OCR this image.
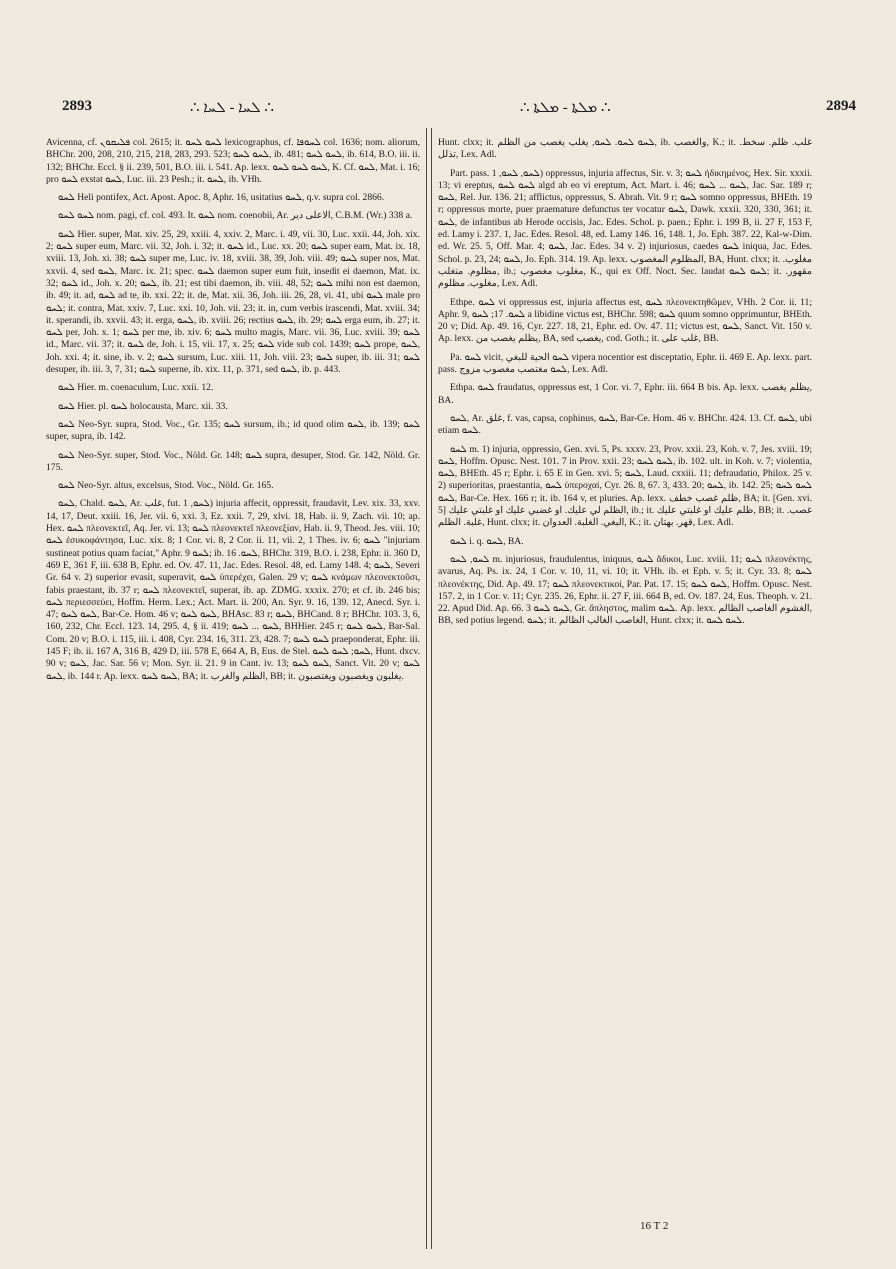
2893	∴ ܠܚܐ - ܠܚܐ ∴	∴ ܡܠܬܐ - ܡܠܬܐ ∴	2894

Avicenna, cf. ܦܠܝܩܘܢ col. 2615; it. ܠܚܘ ܠܚܘ lexicographus, cf. ܠܚܘܦܐ col. 1636; nom. aliorum, BHChr. 200, 208, 210, 215, 218, 283, 293. 523; ܠܚܘ ܠܚܘ, ib. 481; ܠܚܘ ܠܚܘ, ib. 614, B.O. iii. ii. 132; BHChr. Eccl. § ii. 239, 501, B.O. iii. i. 541. Ap. lexx. ܠܚܘ ܠܚܘ ܠܚܘ, K. Cf. ܠܚܘ, Mat. i. 16; pro ܠܚܘ exstat ܠܚܘ, Luc. iii. 23 Pesh.; it. ܠܚܘ, ib. VHh.

ܠܚܘ Heli pontifex, Act. Apost. Apoc. 8, Aphr. 16, usitatius ܠܚܘ, q.v. supra col. 2866.

ܠܚܘ ܠܚܘ nom. pagi, cf. col. 493. It. ܠܚܘ nom. coenobii, Ar. ﺍﻻﻋﻠﻰ ﺩﻳﺮ, C.B.M. (Wr.) 338 a.

ܠܚܘ Hier. super, Mat. xiv. 25, 29, xxiii. 4, xxiv. 2, Marc. i. 49, vii. 30, Luc. xxii. 44, Joh. xix. 2; ܠܚܘ super eum, Marc. vii. 32, Joh. i. 32; it. ܠܚܘ id., Luc. xx. 20; ܠܚܘ super eam, Mat. ix. 18, xviii. 13, Joh. xi. 38; ܠܚܘ super me, Luc. iv. 18, xviii. 38, 39, Joh. viii. 49; ܠܚܘ super nos, Mat. xxvii. 4, sed ܠܚܘ, Marc. ix. 21; spec. ܠܚܘ daemon super eum fuit, insedit ei daemon, Mat. ix. 32; ܠܚܘ id., Joh. x. 20; ܠܚܘ, ib. 21; est tibi daemon, ib. viii. 48, 52; ܠܚܘ mihi non est daemon, ib. 49; it. ad, ܠܚܘ ad te, ib. xxi. 22; it. de, Mat. xii. 36, Joh. iii. 26, 28, vi. 41, ubi ܠܚܘ male pro ܠܚܘ; it. contra, Mat. xxiv. 7, Luc. xxi. 10, Joh. vii. 23; it. in, cum verbis irascendi, Mat. xviii. 34; it. sperandi, ib. xxvii. 43; it. erga, ܠܚܘ, ib. xviii. 26; rectius ܠܚܘ, ib. 29; ܠܚܘ erga eum, ib. 27; it. ܠܚܘ per, Joh. x. 1; ܠܚܘ per me, ib. xiv. 6; ܠܚܘ multo magis, Marc. vii. 36, Luc. xviii. 39; ܠܚܘ id., Marc. vii. 37; it. ܠܚܘ de, Joh. i. 15, vii. 17, x. 25; ܠܚܘ vide sub col. 1439; ܠܚܘ prope, ܠܚܘ, Joh. xxi. 4; it. sine, ib. v. 2; ܠܚܘ sursum, Luc. xiii. 11, Joh. viii. 23; ܠܚܘ super, ib. iii. 31; ܠܚܘ desuper, ib. iii. 3, 7, 31; ܠܚܘ superne, ib. xix. 11, p. 371, sed ܠܚܘ, ib. p. 443.

ܠܚܘ Hier. m. coenaculum, Luc. xxii. 12.

ܠܚܘ Hier. pl. ܠܚܘ holocausta, Marc. xii. 33.

ܠܚܘ Neo-Syr. supra, Stod. Voc., Gr. 135; ܠܚܘ sursum, ib.; id quod olim ܠܚܘ, ib. 139; ܠܚܘ super, supra, ib. 142.

ܠܚܘ Neo-Syr. super, Stod. Voc., Nöld. Gr. 148; ܠܚܘ supra, desuper, Stod. Gr. 142, Nöld. Gr. 175.

ܠܚܘ Neo-Syr. altus, excelsus, Stod. Voc., Nöld. Gr. 165.

ܠܚܘ, Chald. ܠܚܘ, Ar. ﻏﻠﺐ, fut. ܠܚܘ, 1) injuria affecit, oppressit, fraudavit, Lev. xix. 33, xxv. 14, 17, Deut. xxiii. 16, Jer. vii. 6, xxi. 3, Ez. xxii. 7, 29, xlvi. 18, Hab. ii. 9, Zach. vii. 10; ap. Hex. ܠܚܘ πλεονεκτεῖ, Aq. Jer. vi. 13; ܠܚܘ πλεονεκτεῖ πλεονεξίαν, Hab. ii. 9, Theod. Jes. viii. 10; ܠܚܘ ἐσυκοφάντησα, Luc. xix. 8; 1 Cor. vi. 8, 2 Cor. ii. 11, vii. 2, 1 Thes. iv. 6; ܠܚܘ "injuriam sustineat potius quam faciat," Aphr. ܠܚܘ 9; ib. ܠܚܘ. 16, BHChr. 319, B.O. i. 238, Ephr. ii. 360 D, 469 E, 361 F, iii. 638 B, Ephr. ed. Ov. 47. 11, Jac. Edes. Resol. 48, ed. Lamy 148. 4; ܠܚܘ, Severi Gr. 64 v. 2) superior evasit, superavit, ܠܚܘ ὑπερέχει, Galen. 29 v; ܠܚܘ κνάμων πλεονεκτοῦσι, fabis praestant, ib. 37 r; ܠܚܘ πλεονεκτεῖ, superat, ib. ap. ZDMG. xxxix. 270; et cf. ib. 246 bis; ܠܚܘ περιεσσεύει, Hoffm. Herm. Lex.; Act. Mart. ii. 200, An. Syr. 9. 16, 139. 12, Anecd. Syr. i. 47; ܠܚܘ ܠܚܘ, Bar-Ce. Hom. 46 v; ܠܚܘ ܠܚܘ, BHAsc. 83 r; ܠܚܘ, BHCand. 8 r; BHChr. 103. 3, 6, 160, 232, Chr. Eccl. 123. 14, 295. 4, § ii. 419; ܠܚܘ ... ܠܚܘ, BHHier. 245 r; ܠܚܘ ܠܚܘ, Bar-Sal. Com. 20 v; B.O. i. 115, iii. i. 408, Cyr. 234. 16, 311. 23, 428. 7; ܠܚܘ ܠܚܘ praeponderat, Ephr. iii. 145 F; ib. ii. 167 A, 316 B, 429 D, iii. 578 E, 664 A, B, Eus. de Stel. ܠܚܘ; ܠܚܘ ܠܚܘ, Hunt. dxcv. 90 v; ܠܚܘ, Jac. Sar. 56 v; Mon. Syr. ii. 21. 9 in Cant. iv. 13; ܠܚܘ ܠܚܘ, Sanct. Vit. 20 v; ܠܚܘ ܠܚܘ, ib. 144 r. Ap. lexx. ܠܚܘ ܠܚܘ, BA; it. ﺍﻟﻈﻠﻢ ﻭﺍﻟﻐﺮﺏ, BB; it. ﻳﻐﻠﺒﻮﻥ ﻭﻳﻐﺼﺒﻮﻥ ﻭﻳﻐﺘﺼﺒﻮﻥ.

Hunt. clxx; it. ܠܚܘ ܠܚܘ. ܠܚܘ, ﻳﻐﻠﺐ ﻳﻐﺼﺐ ﻣﻦ ﺍﻟﻈﻠﻢ, ib. ﻭﺍﻟﻐﺼﺐ, K.; it. ﻏﻠﺐ. ﻇﻠﻢ. ﺳﺨﻂ. ﺗﺬﻟﻞ, Lex. Adl.

Part. pass. ܠܚܘ, ܠܚܘ, 1) oppressus, injuria affectus, Sir. v. 3; ܠܚܘ ἠδικημένος, Hex. Sir. xxxii. 13; vi ereptus, ܠܚܘ ܠܚܘ algd ab eo vi ereptum, Act. Mart. i. 46; ܠܚܘ ... ܠܚܘ, Jac. Sar. 189 r; ܠܚܘ, Rel. Jur. 136. 21; afflictus, oppressus, S. Abrah. Vit. 9 r; ܠܚܘ somno oppressus, BHEth. 19 r; oppressus morte, puer praemature defunctus ter vocatur ܠܚܘ, Dawk. xxxii. 320, 330, 361; it. ܠܚܘ, de infantibus ab Herode occisis, Jac. Edes. Schol. p. paen.; Ephr. i. 199 B, ii. 27 F, 153 F, ed. Lamy i. 237. 1, Jac. Edes. Resol. 48, ed. Lamy 146. 16, 148. 1, Jo. Eph. 387. 22, Kal-w-Dim. ed. Wr. 25. 5, Off. Mar. 4; ܠܚܘ, Jac. Edes. 34 v. 2) injuriosus, caedes ܠܚܘ iniqua, Jac. Edes. Schol. p. 23, 24; ܠܚܘ, Jo. Eph. 314. 19. Ap. lexx. ﺍﻟﻤﻈﻠﻮﻡ ﺍﻟﻤﻐﺼﻮﺏ, BA, Hunt. clxx; it. ﻣﻐﻠﻮﺏ. ﻣﻈﻠﻮﻡ. ﻣﺘﻐﻠﺐ, ib.; ﻣﻐﻠﻮﺏ ﻣﻐﺼﻮﺏ, K., qui ex Off. Noct. Sec. laudat ܠܚܘ ܠܚܘ; it. ﻣﻘﻬﻮﺭ. ﻣﻐﻠﻮﺏ. ﻣﻈﻠﻮﻡ, Lex. Adl.

Ethpe. ܠܚܘ vi oppressus est, injuria affectus est, ܠܚܘ πλεονεκτηθῶμεν, VHh. 2 Cor. ii. 11; Aphr. 9, ܠܚܘ. 17; ܠܚܘ a libidine victus est, BHChr. 598; ܠܚܘ quum somno opprimuntur, BHEth. 20 v; Did. Ap. 49. 16, Cyr. 227. 18, 21, Ephr. ed. Ov. 47. 11; victus est, ܠܚܘ, Sanct. Vit. 150 v. Ap. lexx. ﻳﻈﻠﻢ ﻳﻐﺼﺐ ﻣﻦ, BA, sed ﻳﻐﺼﺐ, cod. Goth.; it. ﻏﻠﺐ ﻋﻠﻰ, BB.

Pa. ܠܚܘ vicit, ܠܚܘ ﺍﻟﺤﻴﺔ ﻟﻠﺒﻐﻲ vipera nocentior est disceptatio, Ephr. ii. 469 E. Ap. lexx. part. pass. ܠܚܘ ﻣﻐﺘﺼﺐ ﻣﻐﺼﻮﺏ ﻣﺰﻭﺝ, Lex. Adl.

Ethpa. ܠܚܘ fraudatus, oppressus est, 1 Cor. vi. 7, Ephr. iii. 664 B bis. Ap. lexx. ﻳﻈﻠﻢ ﻳﻐﺼﺐ, BA.

ܠܚܘ, Ar. ﻏﻠﻖ, f. vas, capsa, cophinus, ܠܚܘ, Bar-Ce. Hom. 46 v. BHChr. 424. 13. Cf. ܠܚܘ, ubi etiam ܠܚܘ.

ܠܚܘ m. 1) injuria, oppressio, Gen. xvi. 5, Ps. xxxv. 23, Prov. xxii. 23, Koh. v. 7, Jes. xviii. 19; ܠܚܘ, Hoffm. Opusc. Nest. 101. 7 in Prov. xxii. 23; ܠܚܘ ܠܚܘ, ib. 102. ult. in Koh. v. 7; violentia, ܠܚܘ, BHEth. 45 r; Ephr. i. 65 E in Gen. xvi. 5; ܠܚܘ, Laud. cxxiii. 11; defraudatio, Philox. 25 v. 2) superioritas, praestantia, ܠܚܘ ὑπεροχαί, Cyr. 26. 8, 67. 3, 433. 20; ܠܚܘ, ib. 142. 25; ܠܚܘ ܠܚܘ ܠܚܘ, Bar-Ce. Hex. 166 r; it. ib. 164 v, et pluries. Ap. lexx. ﻇﻠﻢ ﻏﺼﺐ ﺧﻄﻒ, BA; it. [Gen. xvi. 5] ﺍﻟﻈﻠﻢ ﻟﻲ ﻋﻠﻴﻚ. ﺍﻭ ﻏﻀﺒﻲ ﻋﻠﻴﻚ ﺍﻭ ﻏﻠﺒﺘﻲ ﻋﻠﻴﻚ, ib.; it. ﻇﻠﻢ ﻋﻠﻴﻚ ﺍﻭ ﻏﻠﺒﺘﻲ ﻋﻠﻴﻚ, BB; it. ﻏﺼﺐ. ﻏﻠﺒﺔ. ﺍﻟﻈﻠﻢ, Hunt. clxx; it. ﺍﻟﺒﻐﻲ. ﺍﻟﻐﻠﺒﺔ. ﺍﻟﻌﺪﻭﺍﻥ, K.; it. ﻗﻬﺮ. ﺑﻬﺘﺎﻥ, Lex. Adl.

ܠܚܘ i. q. ܠܚܘ, BA.

ܠܚܘ, ܠܚܘ m. injuriosus, fraudulentus, iniquus, ܠܚܘ ἄδικοι, Luc. xviii. 11; ܠܚܘ πλεονέκτης, avarus, Aq. Ps. ix. 24, 1 Cor. v. 10, 11, vi. 10; it. VHh. ib. et Eph. v. 5; it. Cyr. 33. 8; ܠܚܘ πλεονέκτης, Did. Ap. 49. 17; ܠܚܘ πλεονεκτικοί, Par. Pat. 17. 15; ܠܚܘ ܠܚܘ, Hoffm. Opusc. Nest. 157. 2, in 1 Cor. v. 11; Cyr. 235. 26, Ephr. ii. 27 F, iii. 664 B, ed. Ov. 187. 24, Eus. Theoph. v. 21. 22. Apud Did. Ap. 66. 3 ܠܚܘ ܠܚܘ, Gr. ἅπληστος, malim ܠܚܘ. Ap. lexx. ﺍﻟﻐﺸﻮﻡ ﺍﻟﻐﺎﺻﺐ ﺍﻟﻈﺎﻟﻢ, BB, sed potius legend. ܠܚܘ; it. ﺍﻟﻐﺎﺻﺐ ﺍﻟﻐﺎﻟﺐ ﺍﻟﻈﺎﻟﻢ, Hunt. clxx; it. ܠܚܘ ܠܚܘ.

16 T 2
